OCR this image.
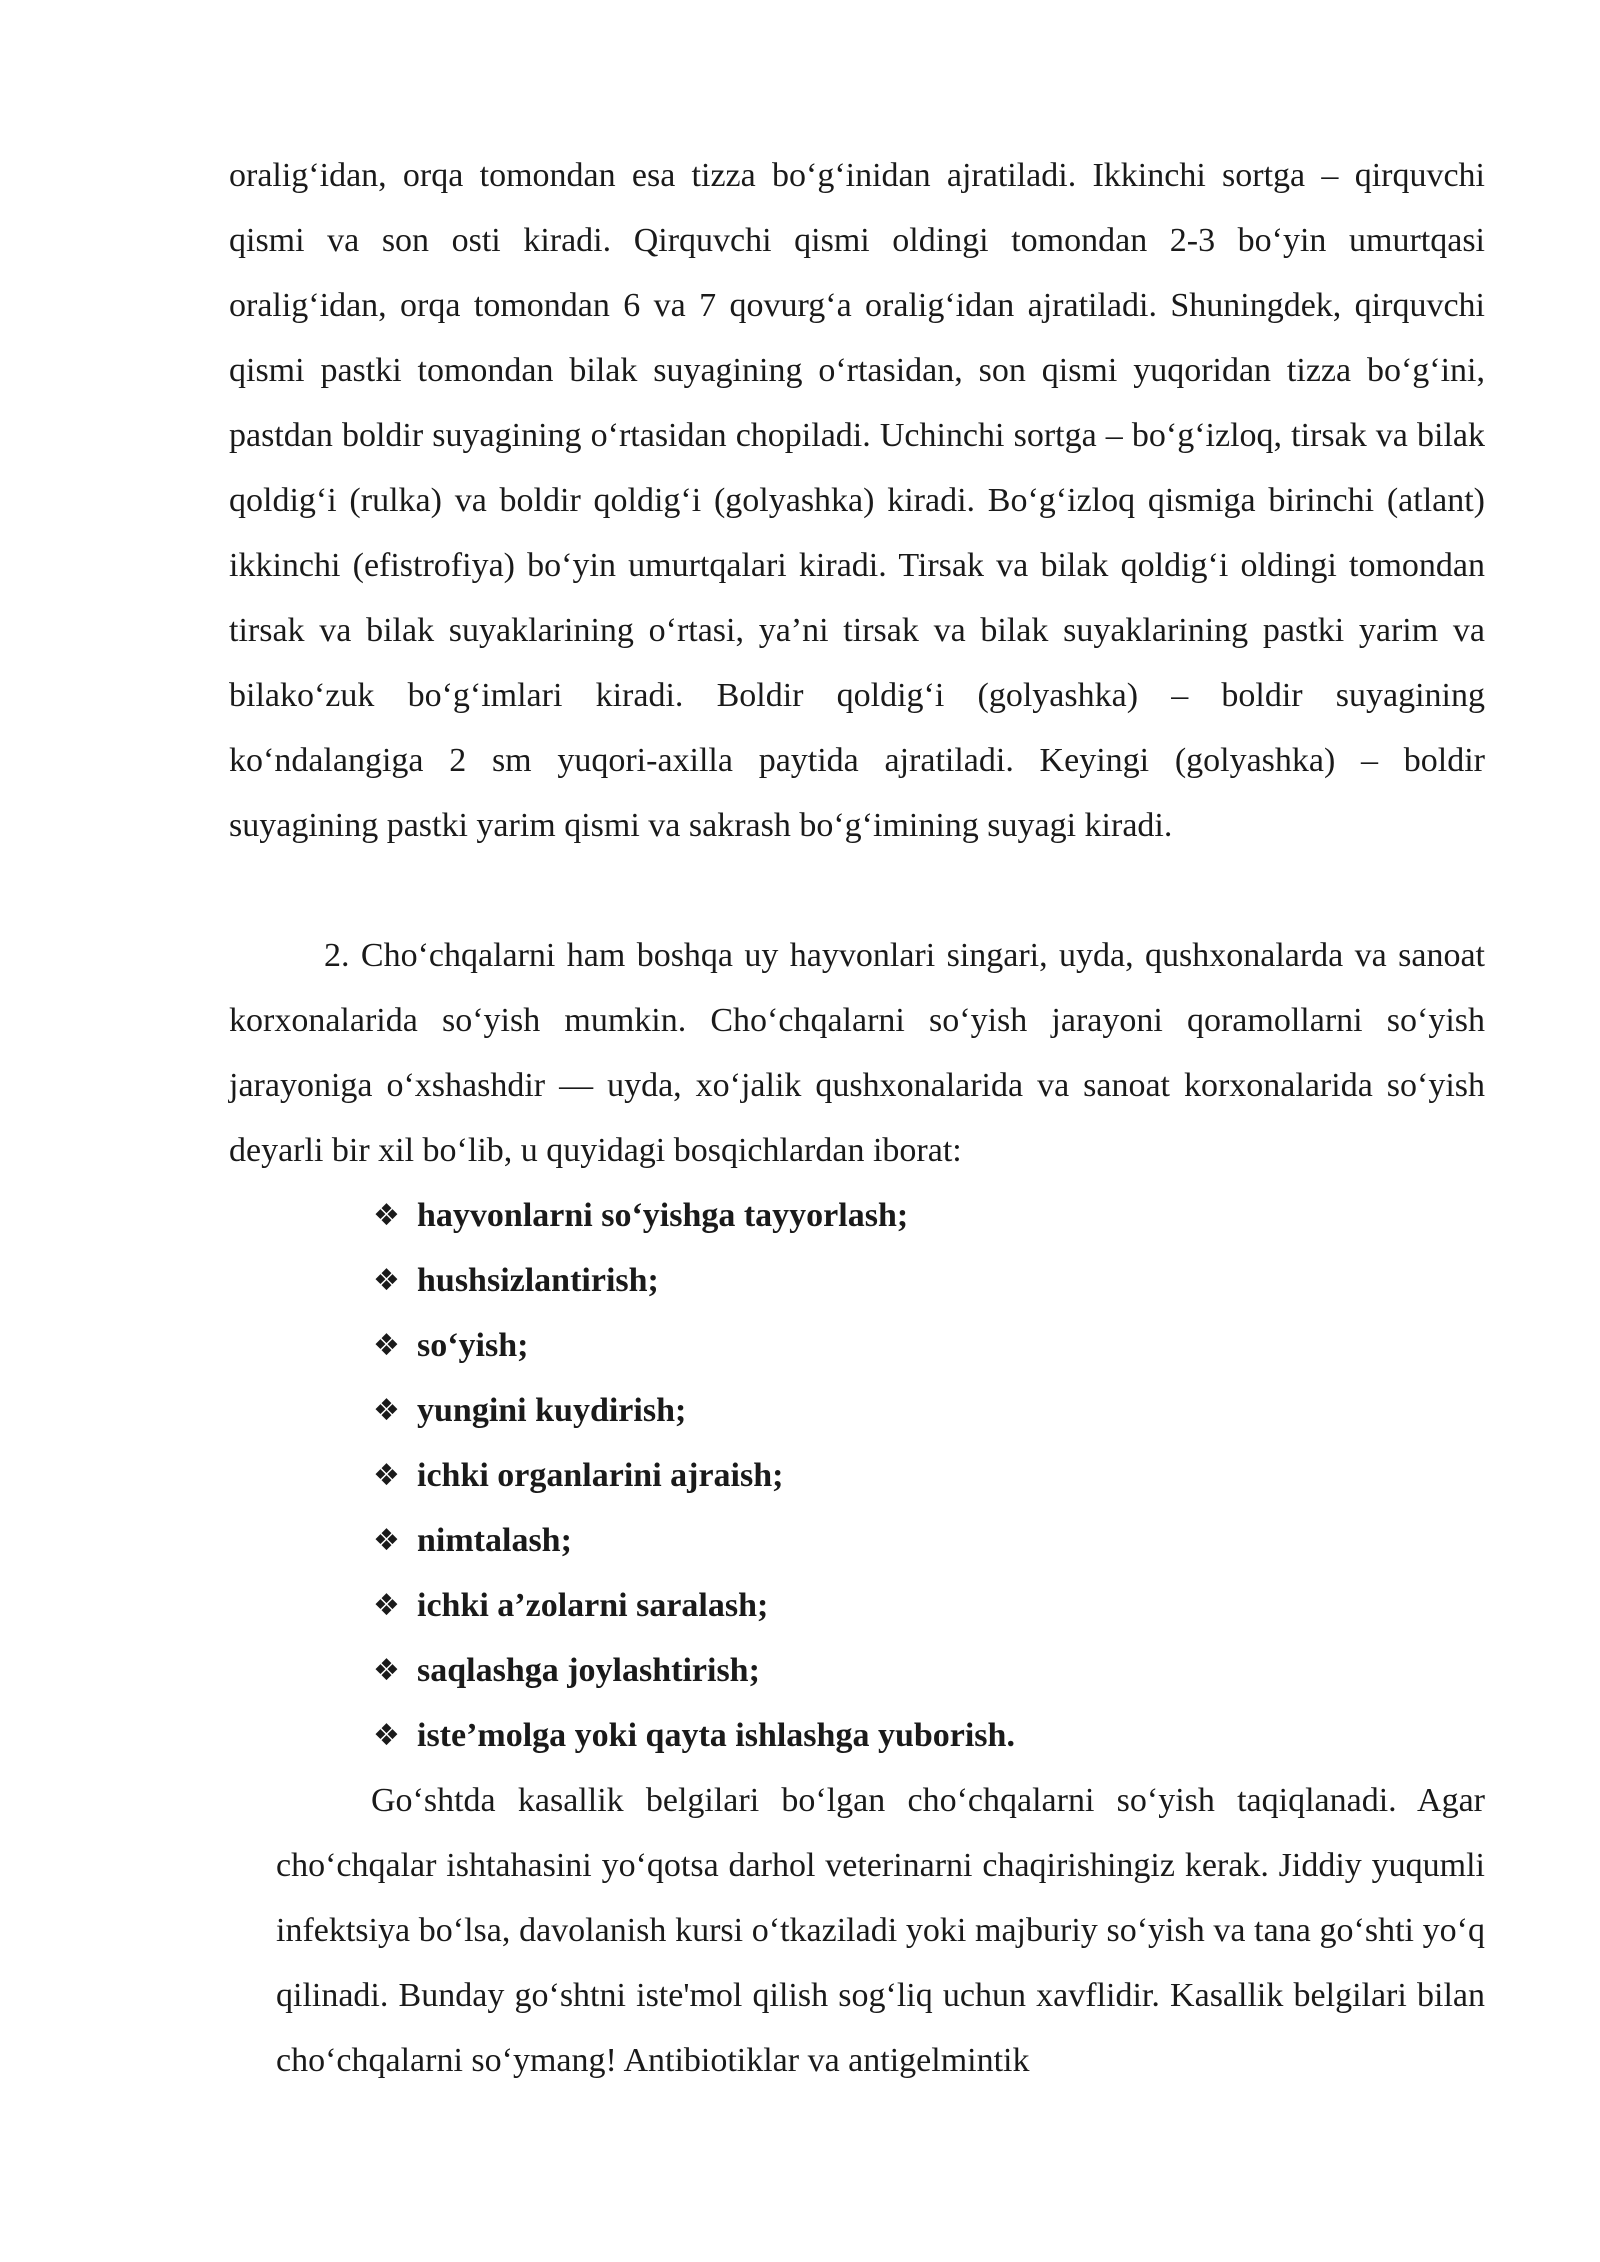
oralig‘idan, orqa tomondan esa tizza bo‘g‘inidan ajratiladi. Ikkinchi sortga – qirquvchi qismi va son osti kiradi. Qirquvchi qismi oldingi tomondan 2-3 bo‘yin umurtqasi oralig‘idan, orqa tomondan 6 va 7 qovurg‘a oralig‘idan ajratiladi. Shuningdek, qirquvchi qismi pastki tomondan bilak suyagining o‘rtasidan, son qismi yuqoridan tizza bo‘g‘ini, pastdan boldir suyagining o‘rtasidan chopiladi. Uchinchi sortga – bo‘g‘izloq, tirsak va bilak qoldig‘i (rulka) va boldir qoldig‘i (golyashka) kiradi. Bo‘g‘izloq qismiga birinchi (atlant) ikkinchi (efistrofiya) bo‘yin umurtqalari kiradi. Tirsak va bilak qoldig‘i oldingi tomondan tirsak va bilak suyaklarining o‘rtasi, ya’ni tirsak va bilak suyaklarining pastki yarim va bilako‘zuk bo‘g‘imlari kiradi. Boldir qoldig‘i (golyashka) – boldir suyagining ko‘ndalangiga 2 sm yuqori-axilla paytida ajratiladi. Keyingi (golyashka) – boldir suyagining pastki yarim qismi va sakrash bo‘g‘imining suyagi kiradi.

2. Cho‘chqalarni ham boshqa uy hayvonlari singari, uyda, qushxonalarda va sanoat korxonalarida so‘yish mumkin. Cho‘chqalarni so‘yish jarayoni qoramollarni so‘yish jarayoniga o‘xshashdir — uyda, xo‘jalik qushxonalarida va sanoat korxonalarida so‘yish deyarli bir xil bo‘lib, u quyidagi bosqichlardan iborat:

❖ hayvonlarni so‘yishga tayyorlash;
❖ hushsizlantirish;
❖ so‘yish;
❖ yungini kuydirish;
❖ ichki organlarini ajraish;
❖ nimtalash;
❖ ichki a’zolarni saralash;
❖ saqlashga joylashtirish;
❖ iste’molga yoki qayta ishlashga yuborish.

Go‘shtda kasallik belgilari bo‘lgan cho‘chqalarni so‘yish taqiqlanadi. Agar cho‘chqalar ishtahasini yo‘qotsa darhol veterinarni chaqirishingiz kerak. Jiddiy yuqumli infektsiya bo‘lsa, davolanish kursi o‘tkaziladi yoki majburiy so‘yish va tana go‘shti yo‘q qilinadi. Bunday go‘shtni iste'mol qilish sog‘liq uchun xavflidir. Kasallik belgilari bilan cho‘chqalarni so‘ymang! Antibiotiklar va antigelmintik
